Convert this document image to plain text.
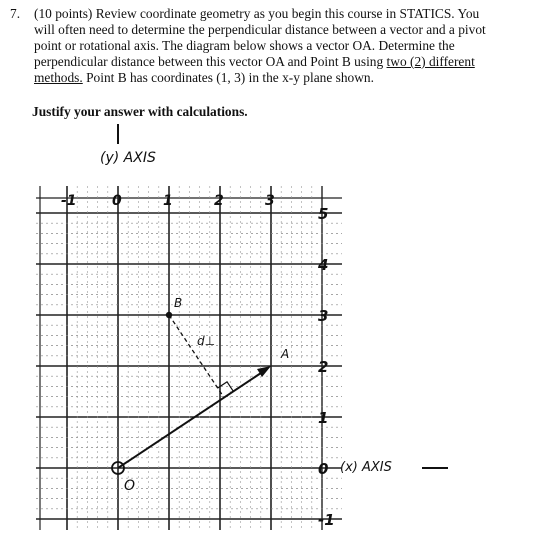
7. (10 points) Review coordinate geometry as you begin this course in STATICS. You
will often need to determine the perpendicular distance between a vector and a pivot
point or rotational axis. The diagram below shows a vector OA. Determine the
perpendicular distance between this vector OA and Point B using two (2) different
methods. Point B has coordinates (1, 3) in the x-y plane shown.
Justify your answer with calculations.
(y) AXIS
(x) AXIS
-1	0	1	2	3
5
4
3
2
1
0
-1
B
A
O
d⊥
